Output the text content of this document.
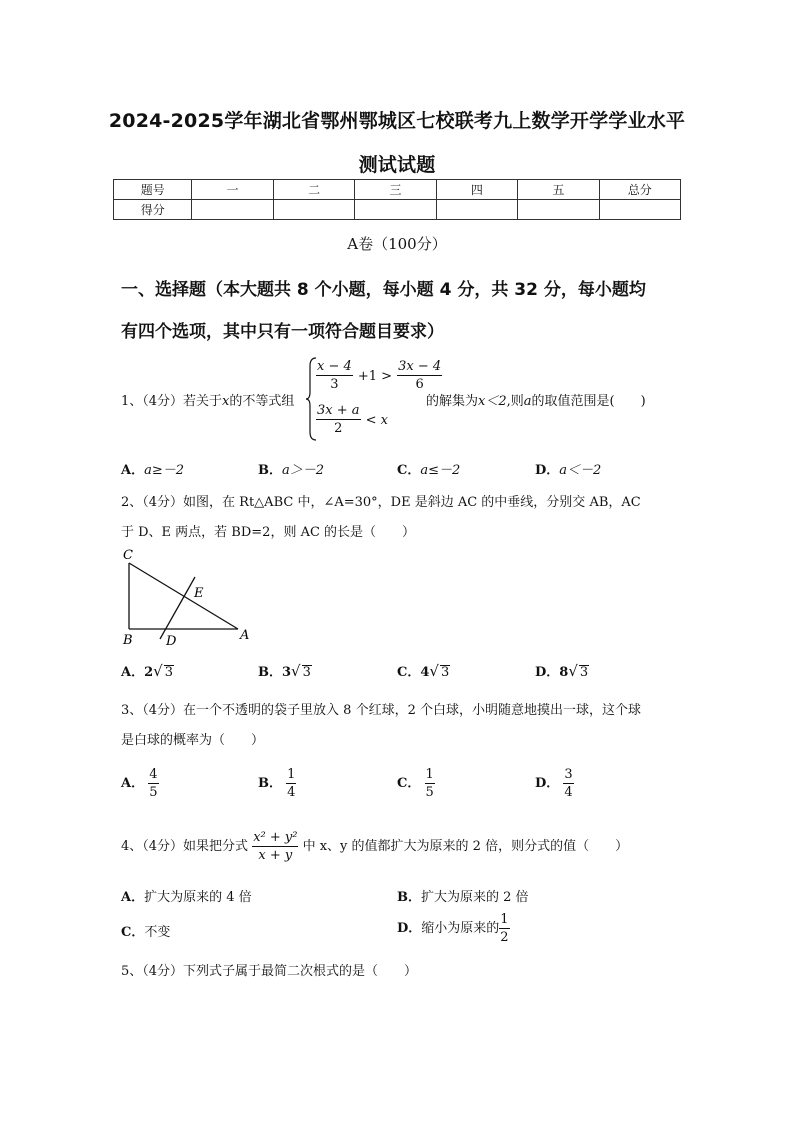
2024-2025学年湖北省鄂州鄂城区七校联考九上数学开学学业水平
测试试题
题号	一	二	三	四	五	总分
得分						
A卷（100分）
一、选择题（本大题共 8 个小题，每小题 4 分，共 32 分，每小题均
有四个选项，其中只有一项符合题目要求）
1、（4分）若关于x的不等式组
$\frac{x - 4}{3} +1 > \frac{3x - 4}{6}$
$\frac{3x + a}{2} < x$
的解集为x＜2,则a的取值范围是(　　)
A．a≥－2	B．a＞－2	C．a≤－2	D．a＜－2
2、（4分）如图，在 Rt△ABC 中，∠A=30°，DE 是斜边 AC 的中垂线，分别交 AB，AC
于 D、E 两点，若 BD=2，则 AC 的长是（　　）
C
E
B	D	A
A．2√ 3	B．3√ 3	C．4√ 3	D．8√ 3
3、（4分）在一个不透明的袋子里放入 8 个红球，2 个白球，小明随意地摸出一球，这个球
是白球的概率为（　　）
A． $\frac{4}{5}$	B． $\frac{1}{4}$	C． $\frac{1}{5}$	D． $\frac{3}{4}$
4、（4分）如果把分式 $\frac{\text{x² + y²}}{x + y}$ 中 x、y 的值都扩大为原来的 2 倍，则分式的值（　　）
A．扩大为原来的 4 倍	B．扩大为原来的 2 倍
C．不变	D．缩小为原来的 $\frac{1}{2}$
5、（4分）下列式子属于最简二次根式的是（　　）
